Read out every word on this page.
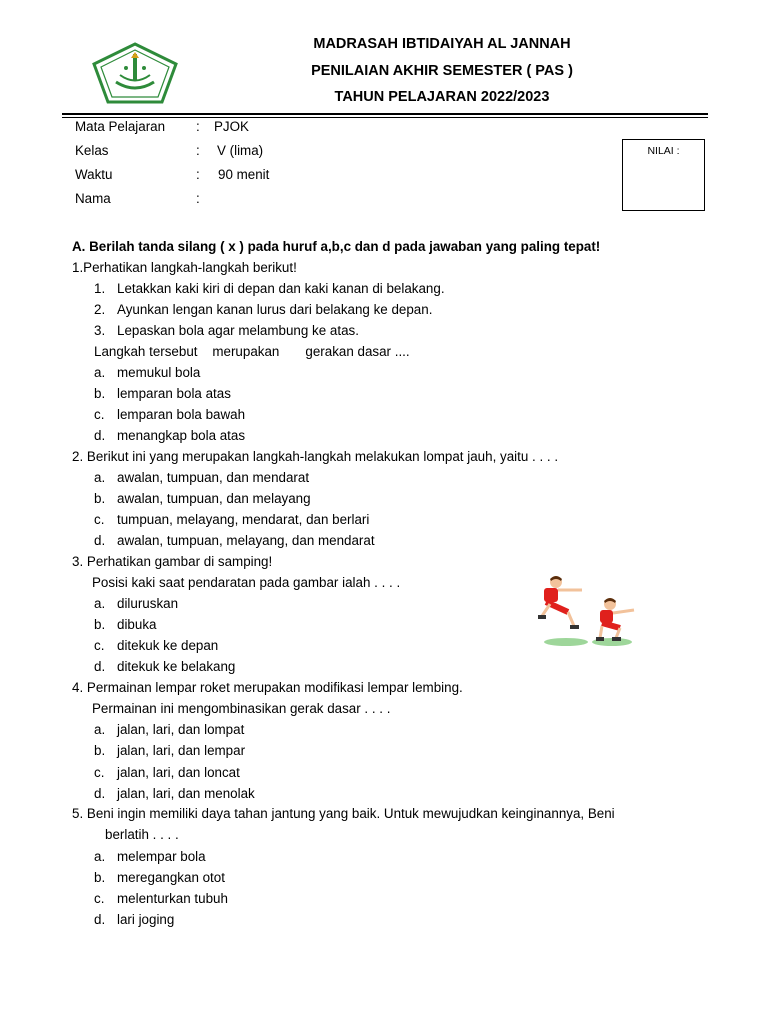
MADRASAH IBTIDAIYAH AL JANNAH
PENILAIAN AKHIR SEMESTER ( PAS )
TAHUN PELAJARAN 2022/2023
Mata Pelajaran : PJOK
Kelas	: V (lima)
Waktu	: 90 menit
Nama	:
NILAI :
A. Berilah tanda silang ( x ) pada huruf a,b,c dan d pada jawaban yang paling tepat!
1.Perhatikan langkah-langkah berikut!
1. Letakkan kaki kiri di depan dan kaki kanan di belakang.
2. Ayunkan lengan kanan lurus dari belakang ke depan.
3. Lepaskan bola agar melambung ke atas.
Langkah tersebut    merupakan       gerakan dasar ....
a. memukul bola
b. lemparan bola atas
c. lemparan bola bawah
d. menangkap bola atas
2. Berikut ini yang merupakan langkah-langkah melakukan lompat jauh, yaitu . . . .
a. awalan, tumpuan, dan mendarat
b. awalan, tumpuan, dan melayang
c. tumpuan, melayang, mendarat, dan berlari
d. awalan, tumpuan, melayang, dan mendarat
3. Perhatikan gambar di samping!
Posisi kaki saat pendaratan pada gambar ialah . . . .
a. diluruskan
b. dibuka
c. ditekuk ke depan
d. ditekuk ke belakang
4. Permainan lempar roket merupakan modifikasi lempar lembing.
Permainan ini mengombinasikan gerak dasar . . . .
a. jalan, lari, dan lompat
b. jalan, lari, dan lempar
c. jalan, lari, dan loncat
d. jalan, lari, dan menolak
5. Beni ingin memiliki daya tahan jantung yang baik. Untuk mewujudkan keinginannya, Beni
berlatih . . . .
a. melempar bola
b. meregangkan otot
c. melenturkan tubuh
d. lari joging
